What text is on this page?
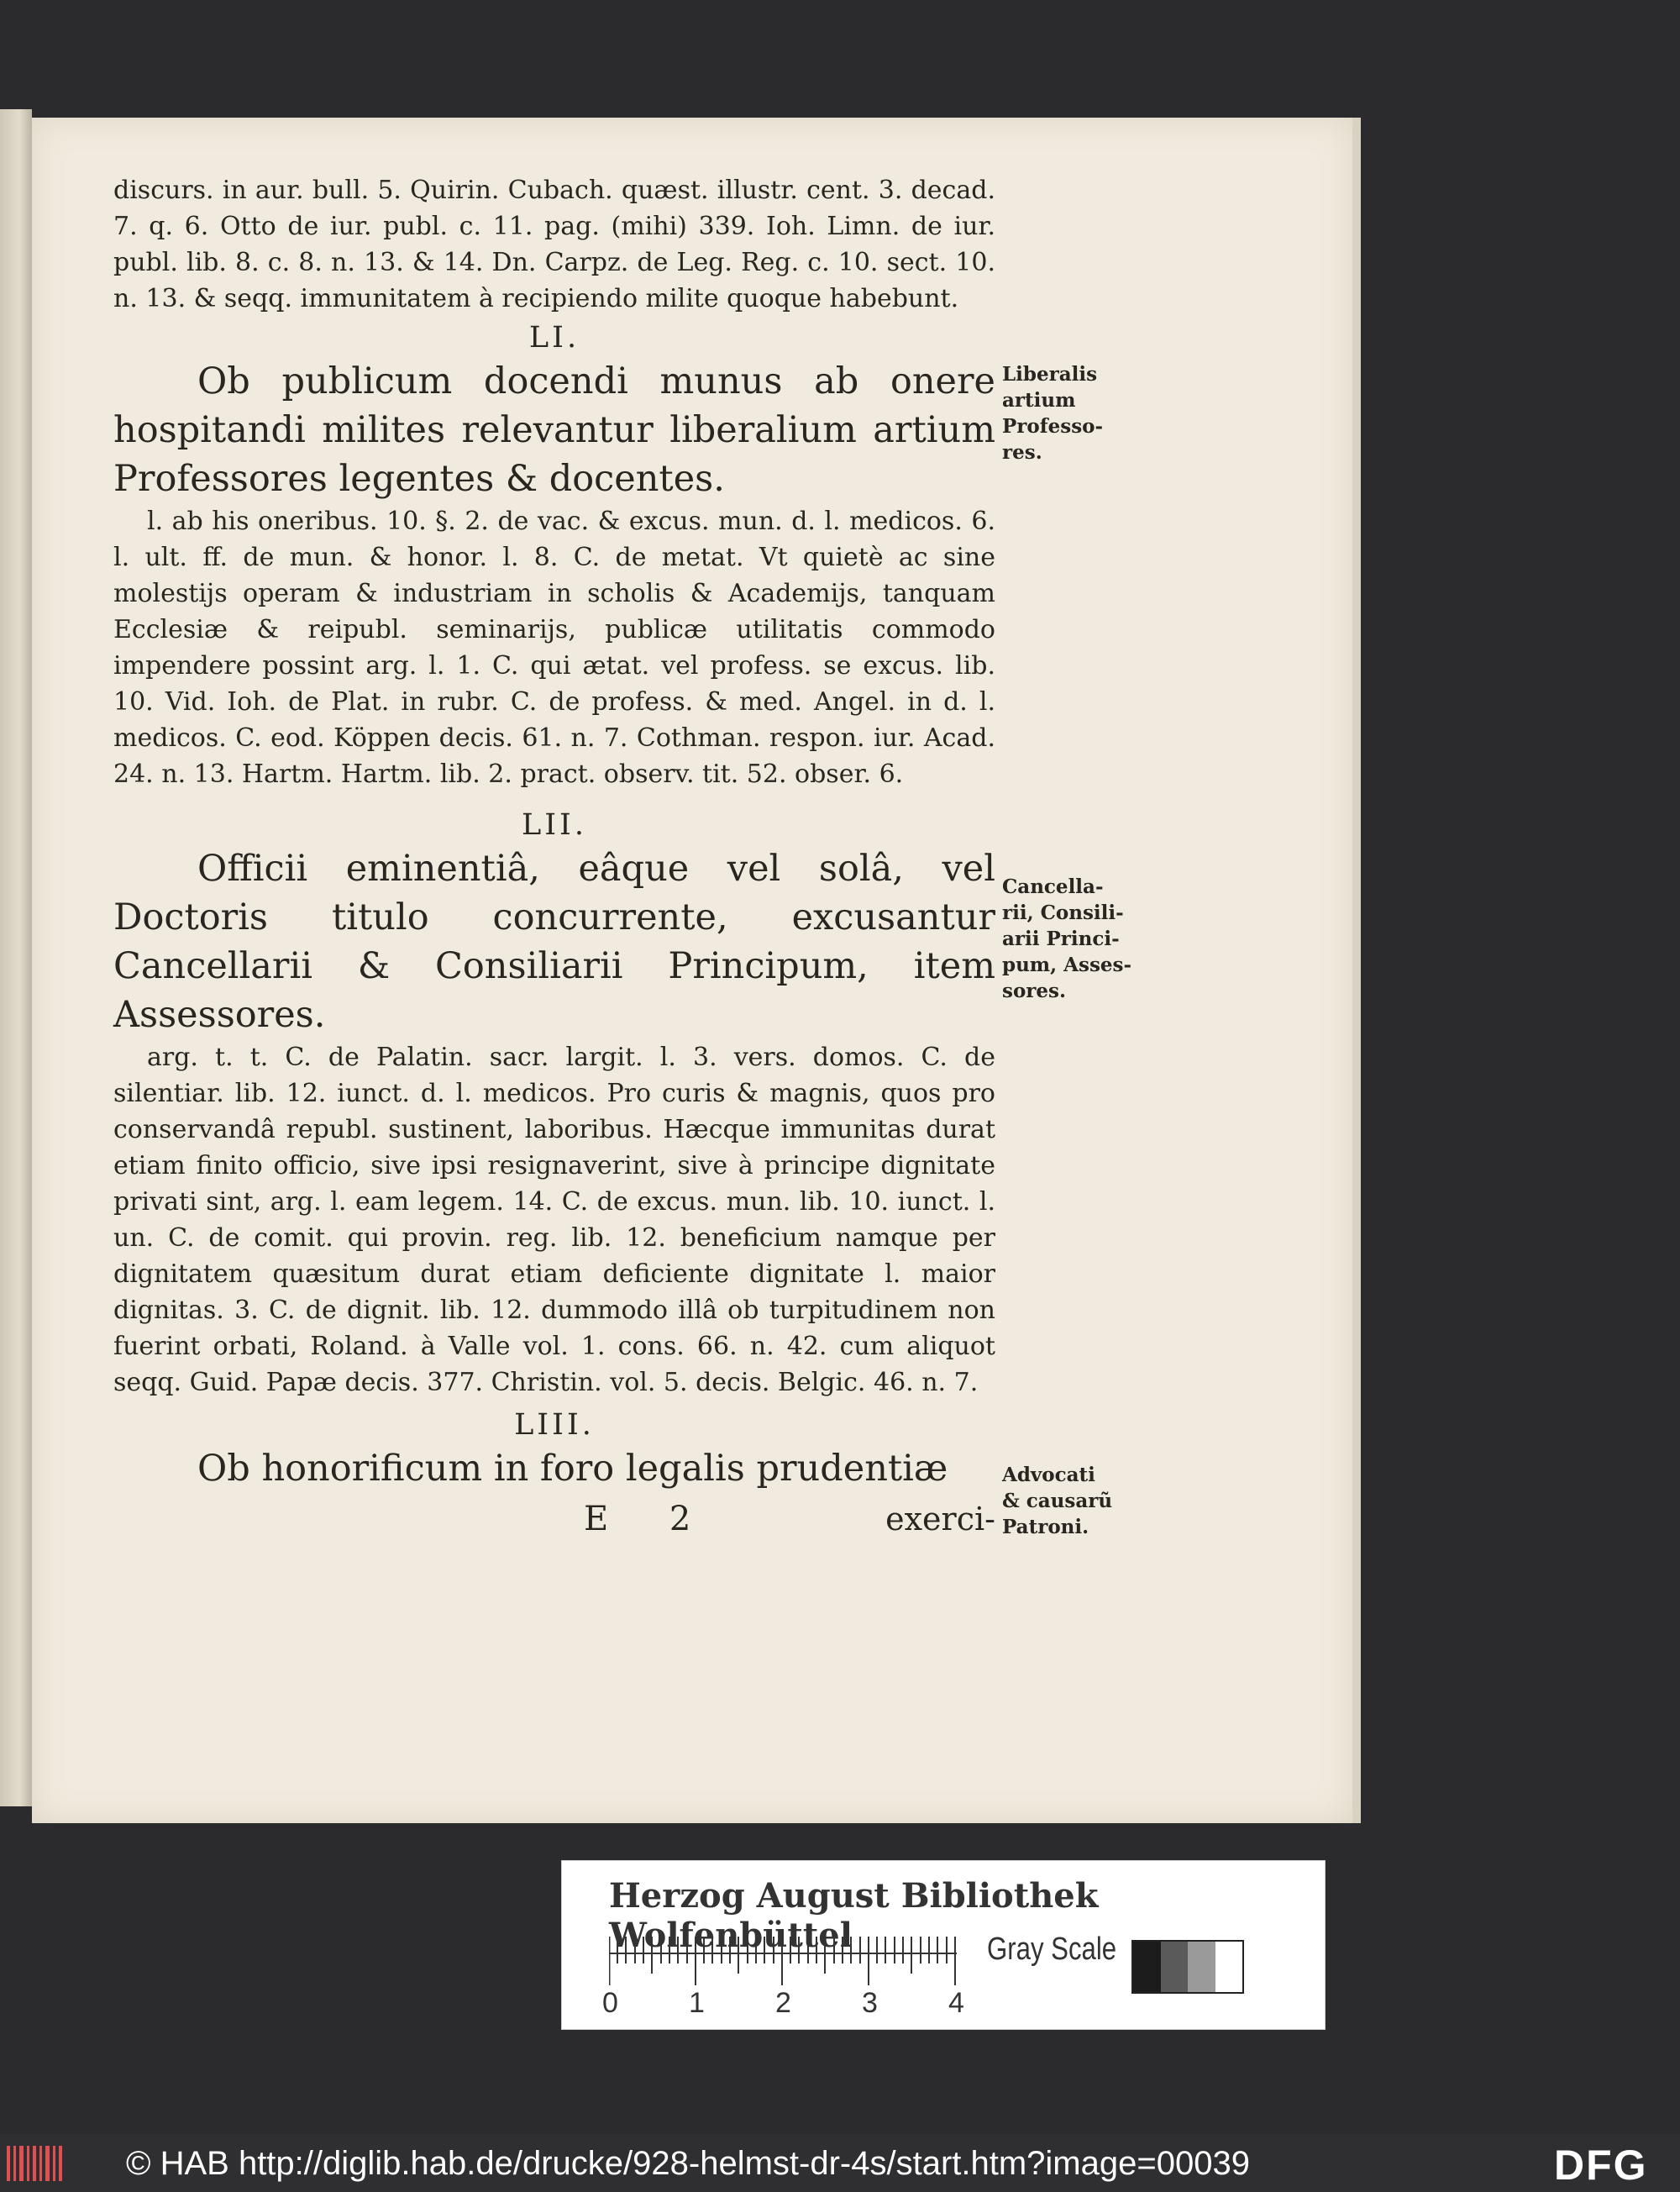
discurs. in aur. bull. 5. Quirin. Cubach. quæst. illustr. cent. 3. decad. 7. q. 6. Otto de iur. publ. c. 11. pag. (mihi) 339. Ioh. Limn. de iur. publ. lib. 8. c. 8. n. 13. & 14. Dn. Carpz. de Leg. Reg. c. 10. sect. 10. n. 13. & seqq. immunitatem à recipiendo milite quoque habebunt.

LI.

Ob publicum docendi munus ab onere hospitandi milites relevantur liberalium artium Professores legentes & docentes.

l. ab his oneribus. 10. §. 2. de vac. & excus. mun. d. l. medicos. 6. l. ult. ff. de mun. & honor. l. 8. C. de metat. Vt quietè ac sine molestijs operam & industriam in scholis & Academijs, tanquam Ecclesiæ & reipubl. seminarijs, publicæ utilitatis commodo impendere possint arg. l. 1. C. qui ætat. vel profess. se excus. lib. 10. Vid. Ioh. de Plat. in rubr. C. de profess. & med. Angel. in d. l. medicos. C. eod. Köppen decis. 61. n. 7. Cothman. respon. iur. Acad. 24. n. 13. Hartm. Hartm. lib. 2. pract. observ. tit. 52. obser. 6.

LII.

Officii eminentiâ, eâque vel solâ, vel Doctoris titulo concurrente, excusantur Cancellarii & Consiliarii Principum, item Assessores.

arg. t. t. C. de Palatin. sacr. largit. l. 3. vers. domos. C. de silentiar. lib. 12. iunct. d. l. medicos. Pro curis & magnis, quos pro conservandâ republ. sustinent, laboribus. Hæcque immunitas durat etiam finito officio, sive ipsi resignaverint, sive à principe dignitate privati sint, arg. l. eam legem. 14. C. de excus. mun. lib. 10. iunct. l. un. C. de comit. qui provin. reg. lib. 12. beneficium namque per dignitatem quæsitum durat etiam deficiente dignitate l. maior dignitas. 3. C. de dignit. lib. 12. dummodo illâ ob turpitudinem non fuerint orbati, Roland. à Valle vol. 1. cons. 66. n. 42. cum aliquot seqq. Guid. Papæ decis. 377. Christin. vol. 5. decis. Belgic. 46. n. 7.

LIII.

Ob honorificum in foro legalis prudentiæ

E 2	exerci-
Liberalis
artium
Professo-
res.
Cancella-
rii, Consili-
arii Princi-
pum, Asses-
sores.
Advocati
& causarũ
Patroni.
Herzog August Bibliothek Wolfenbüttel
0 1 2 3 4
Gray Scale
© HAB http://diglib.hab.de/drucke/928-helmst-dr-4s/start.htm?image=00039	DFG
